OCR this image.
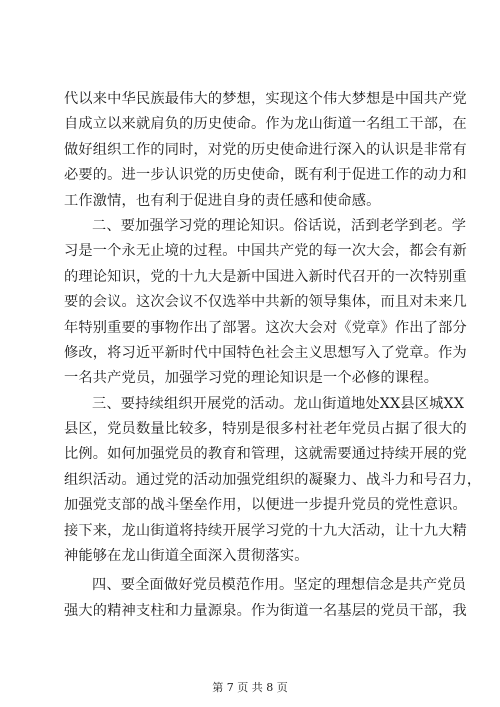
代以来中华民族最伟大的梦想，实现这个伟大梦想是中国共产党
自成立以来就肩负的历史使命。作为龙山街道一名组工干部，在
做好组织工作的同时，对党的历史使命进行深入的认识是非常有
必要的。进一步认识党的历史使命，既有利于促进工作的动力和
工作激情，也有利于促进自身的责任感和使命感。
二、要加强学习党的理论知识。俗话说，活到老学到老。学
习是一个永无止境的过程。中国共产党的每一次大会，都会有新
的理论知识，党的十九大是新中国进入新时代召开的一次特别重
要的会议。这次会议不仅选举中共新的领导集体，而且对未来几
年特别重要的事物作出了部署。这次大会对《党章》作出了部分
修改，将习近平新时代中国特色社会主义思想写入了党章。作为
一名共产党员，加强学习党的理论知识是一个必修的课程。
三、要持续组织开展党的活动。龙山街道地处XX县区城XX
县区，党员数量比较多，特别是很多村社老年党员占据了很大的
比例。如何加强党员的教育和管理，这就需要通过持续开展的党
组织活动。通过党的活动加强党组织的凝聚力、战斗力和号召力，
加强党支部的战斗堡垒作用，以便进一步提升党员的党性意识。
接下来，龙山街道将持续开展学习党的十九大活动，让十九大精
神能够在龙山街道全面深入贯彻落实。
四、要全面做好党员模范作用。坚定的理想信念是共产党员
强大的精神支柱和力量源泉。作为街道一名基层的党员干部，我
第 7 页 共 8 页
